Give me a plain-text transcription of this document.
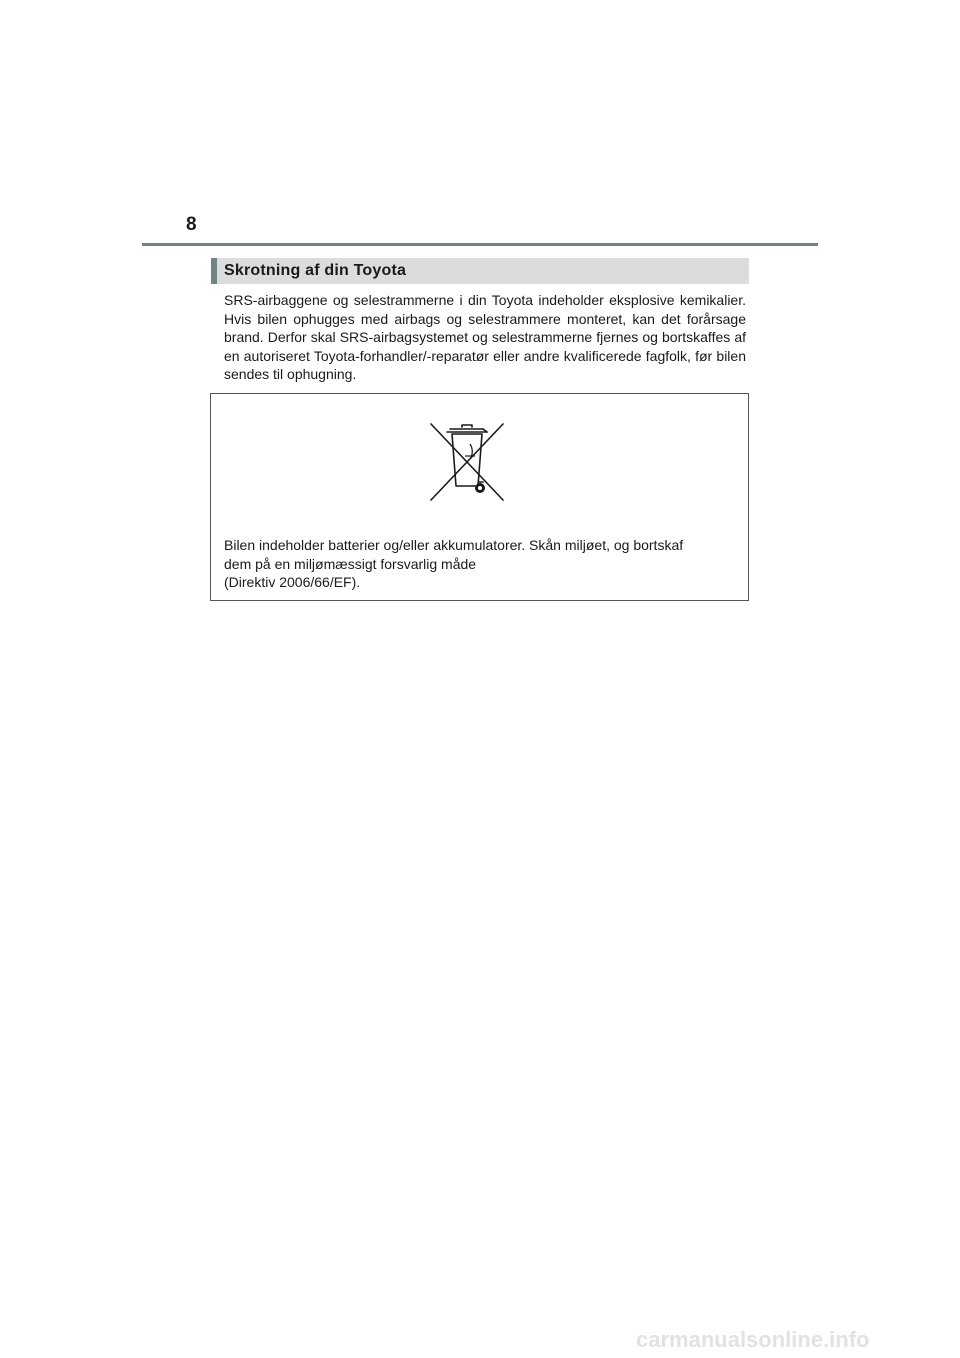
8
Skrotning af din Toyota

SRS-airbaggene og selestrammerne i din Toyota indeholder eksplosive kemikalier. Hvis bilen ophugges med airbags og selestrammere monteret, kan det forårsage brand. Derfor skal SRS-airbagsystemet og selestrammerne fjernes og bortskaffes af en autoriseret Toyota-forhandler/-reparatør eller andre kvalificerede fagfolk, før bilen sendes til ophugning.

Bilen indeholder batterier og/eller akkumulatorer. Skån miljøet, og bortskaf
dem på en miljømæssigt forsvarlig måde
(Direktiv 2006/66/EF).

carmanualsonline.info
